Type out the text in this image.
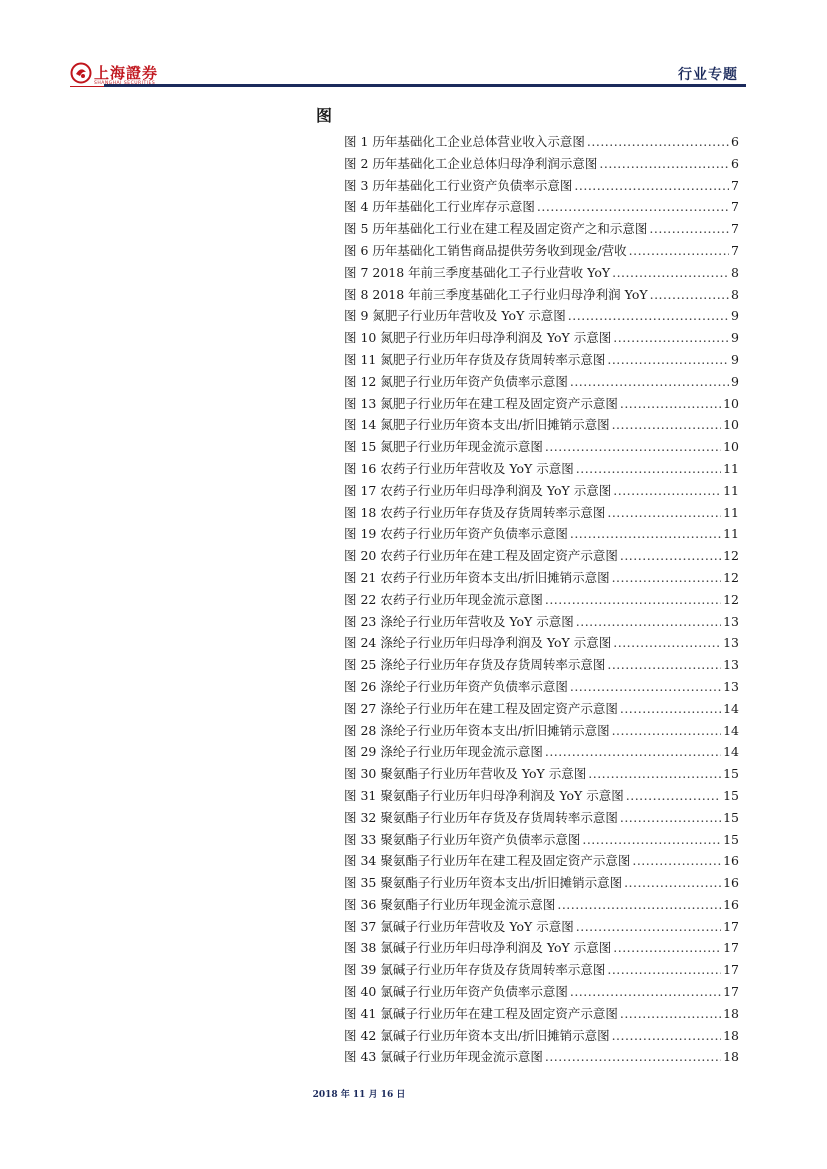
上海證券
SHANGHAI SECURITIES
行业专题
图
图 1 历年基础化工企业总体营业收入示意图 .....	6
图 2 历年基础化工企业总体归母净利润示意图 .....	6
图 3 历年基础化工行业资产负债率示意图 .....	7
图 4 历年基础化工行业库存示意图 .....	7
图 5 历年基础化工行业在建工程及固定资产之和示意图 .....	7
图 6 历年基础化工销售商品提供劳务收到现金/营收 .....	7
图 7 2018 年前三季度基础化工子行业营收 YoY .....	8
图 8 2018 年前三季度基础化工子行业归母净利润 YoY .....	8
图 9 氮肥子行业历年营收及 YoY 示意图 .....	9
图 10 氮肥子行业历年归母净利润及 YoY 示意图 .....	9
图 11 氮肥子行业历年存货及存货周转率示意图 .....	9
图 12 氮肥子行业历年资产负债率示意图 .....	9
图 13 氮肥子行业历年在建工程及固定资产示意图 .....	10
图 14 氮肥子行业历年资本支出/折旧摊销示意图 .....	10
图 15 氮肥子行业历年现金流示意图 .....	10
图 16 农药子行业历年营收及 YoY 示意图 .....	11
图 17 农药子行业历年归母净利润及 YoY 示意图 .....	11
图 18 农药子行业历年存货及存货周转率示意图 .....	11
图 19 农药子行业历年资产负债率示意图 .....	11
图 20 农药子行业历年在建工程及固定资产示意图 .....	12
图 21 农药子行业历年资本支出/折旧摊销示意图 .....	12
图 22 农药子行业历年现金流示意图 .....	12
图 23 涤纶子行业历年营收及 YoY 示意图 .....	13
图 24 涤纶子行业历年归母净利润及 YoY 示意图 .....	13
图 25 涤纶子行业历年存货及存货周转率示意图 .....	13
图 26 涤纶子行业历年资产负债率示意图 .....	13
图 27 涤纶子行业历年在建工程及固定资产示意图 .....	14
图 28 涤纶子行业历年资本支出/折旧摊销示意图 .....	14
图 29 涤纶子行业历年现金流示意图 .....	14
图 30 聚氨酯子行业历年营收及 YoY 示意图 .....	15
图 31 聚氨酯子行业历年归母净利润及 YoY 示意图 .....	15
图 32 聚氨酯子行业历年存货及存货周转率示意图 .....	15
图 33 聚氨酯子行业历年资产负债率示意图 .....	15
图 34 聚氨酯子行业历年在建工程及固定资产示意图 .....	16
图 35 聚氨酯子行业历年资本支出/折旧摊销示意图 .....	16
图 36 聚氨酯子行业历年现金流示意图 .....	16
图 37 氯碱子行业历年营收及 YoY 示意图 .....	17
图 38 氯碱子行业历年归母净利润及 YoY 示意图 .....	17
图 39 氯碱子行业历年存货及存货周转率示意图 .....	17
图 40 氯碱子行业历年资产负债率示意图 .....	17
图 41 氯碱子行业历年在建工程及固定资产示意图 .....	18
图 42 氯碱子行业历年资本支出/折旧摊销示意图 .....	18
图 43 氯碱子行业历年现金流示意图 .....	18
2018 年 11 月 16 日
